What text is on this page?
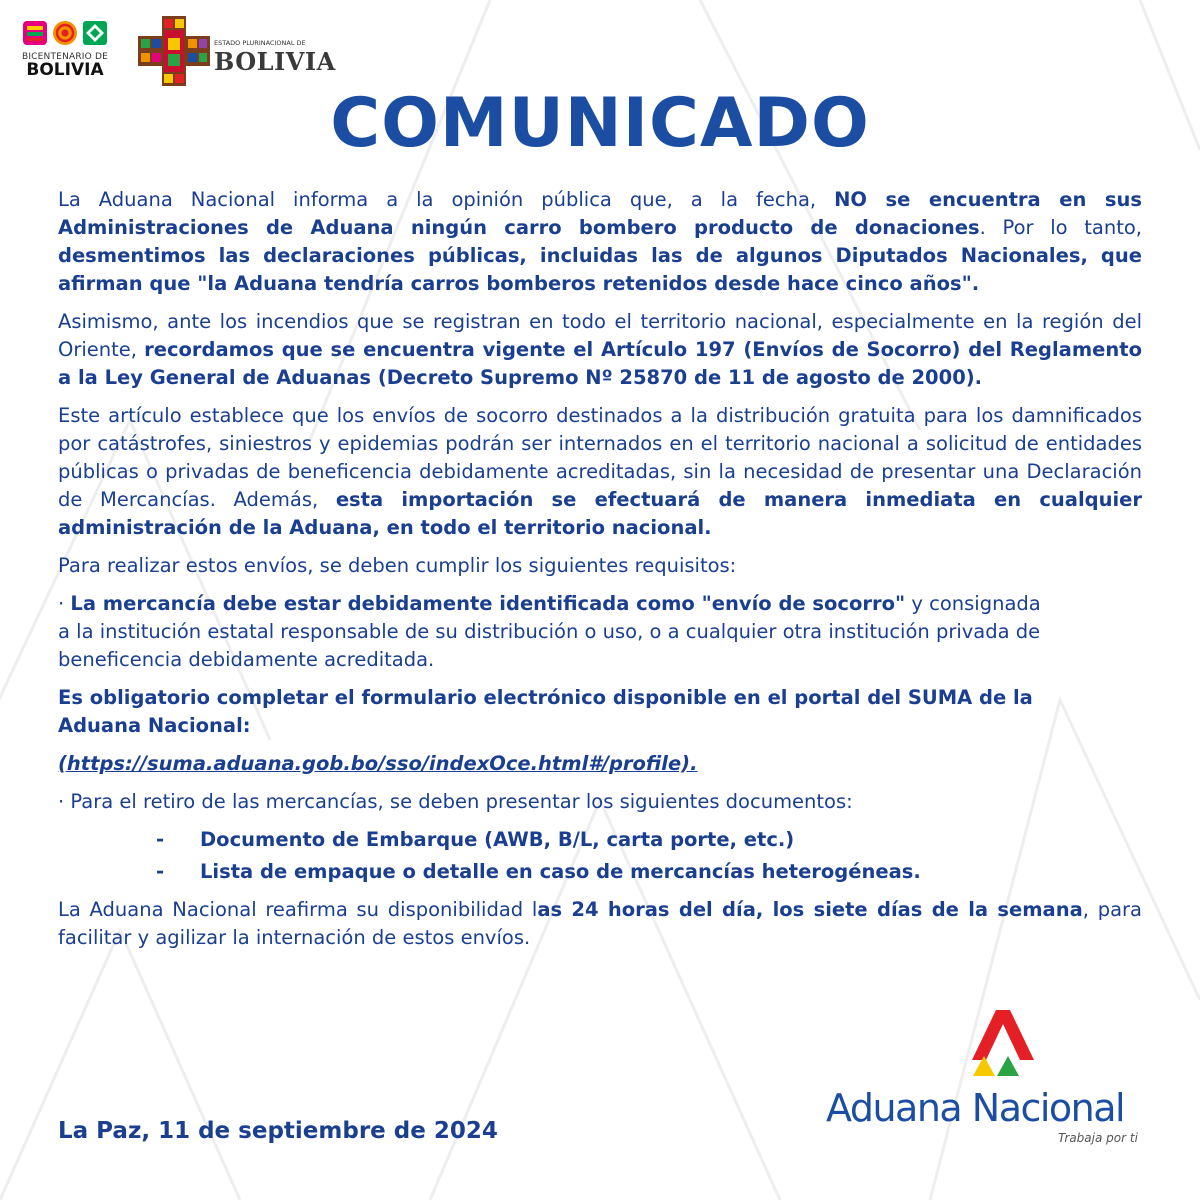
BICENTENARIO DE
BOLIVIA
ESTADO PLURINACIONAL DE
BOLIVIA
COMUNICADO

La Aduana Nacional informa a la opinión pública que, a la fecha, NO se encuentra en sus Administraciones de Aduana ningún carro bombero producto de donaciones. Por lo tanto, desmentimos las declaraciones públicas, incluidas las de algunos Diputados Nacionales, que afirman que "la Aduana tendría carros bomberos retenidos desde hace cinco años".

Asimismo, ante los incendios que se registran en todo el territorio nacional, especialmente en la región del Oriente, recordamos que se encuentra vigente el Artículo 197 (Envíos de Socorro) del Reglamento a la Ley General de Aduanas (Decreto Supremo Nº 25870 de 11 de agosto de 2000).

Este artículo establece que los envíos de socorro destinados a la distribución gratuita para los damnificados por catástrofes, siniestros y epidemias podrán ser internados en el territorio nacional a solicitud de entidades públicas o privadas de beneficencia debidamente acreditadas, sin la necesidad de presentar una Declaración de Mercancías. Además, esta importación se efectuará de manera inmediata en cualquier administración de la Aduana, en todo el territorio nacional.

Para realizar estos envíos, se deben cumplir los siguientes requisitos:

· La mercancía debe estar debidamente identificada como "envío de socorro" y consignada a la institución estatal responsable de su distribución o uso, o a cualquier otra institución privada de beneficencia debidamente acreditada.

Es obligatorio completar el formulario electrónico disponible en el portal del SUMA de la Aduana Nacional:

(https://suma.aduana.gob.bo/sso/indexOce.html#/profile).

· Para el retiro de las mercancías, se deben presentar los siguientes documentos:

-	Documento de Embarque (AWB, B/L, carta porte, etc.)
-	Lista de empaque o detalle en caso de mercancías heterogéneas.

La Aduana Nacional reafirma su disponibilidad las 24 horas del día, los siete días de la semana, para facilitar y agilizar la internación de estos envíos.

La Paz, 11 de septiembre de 2024

Aduana Nacional
Trabaja por ti
